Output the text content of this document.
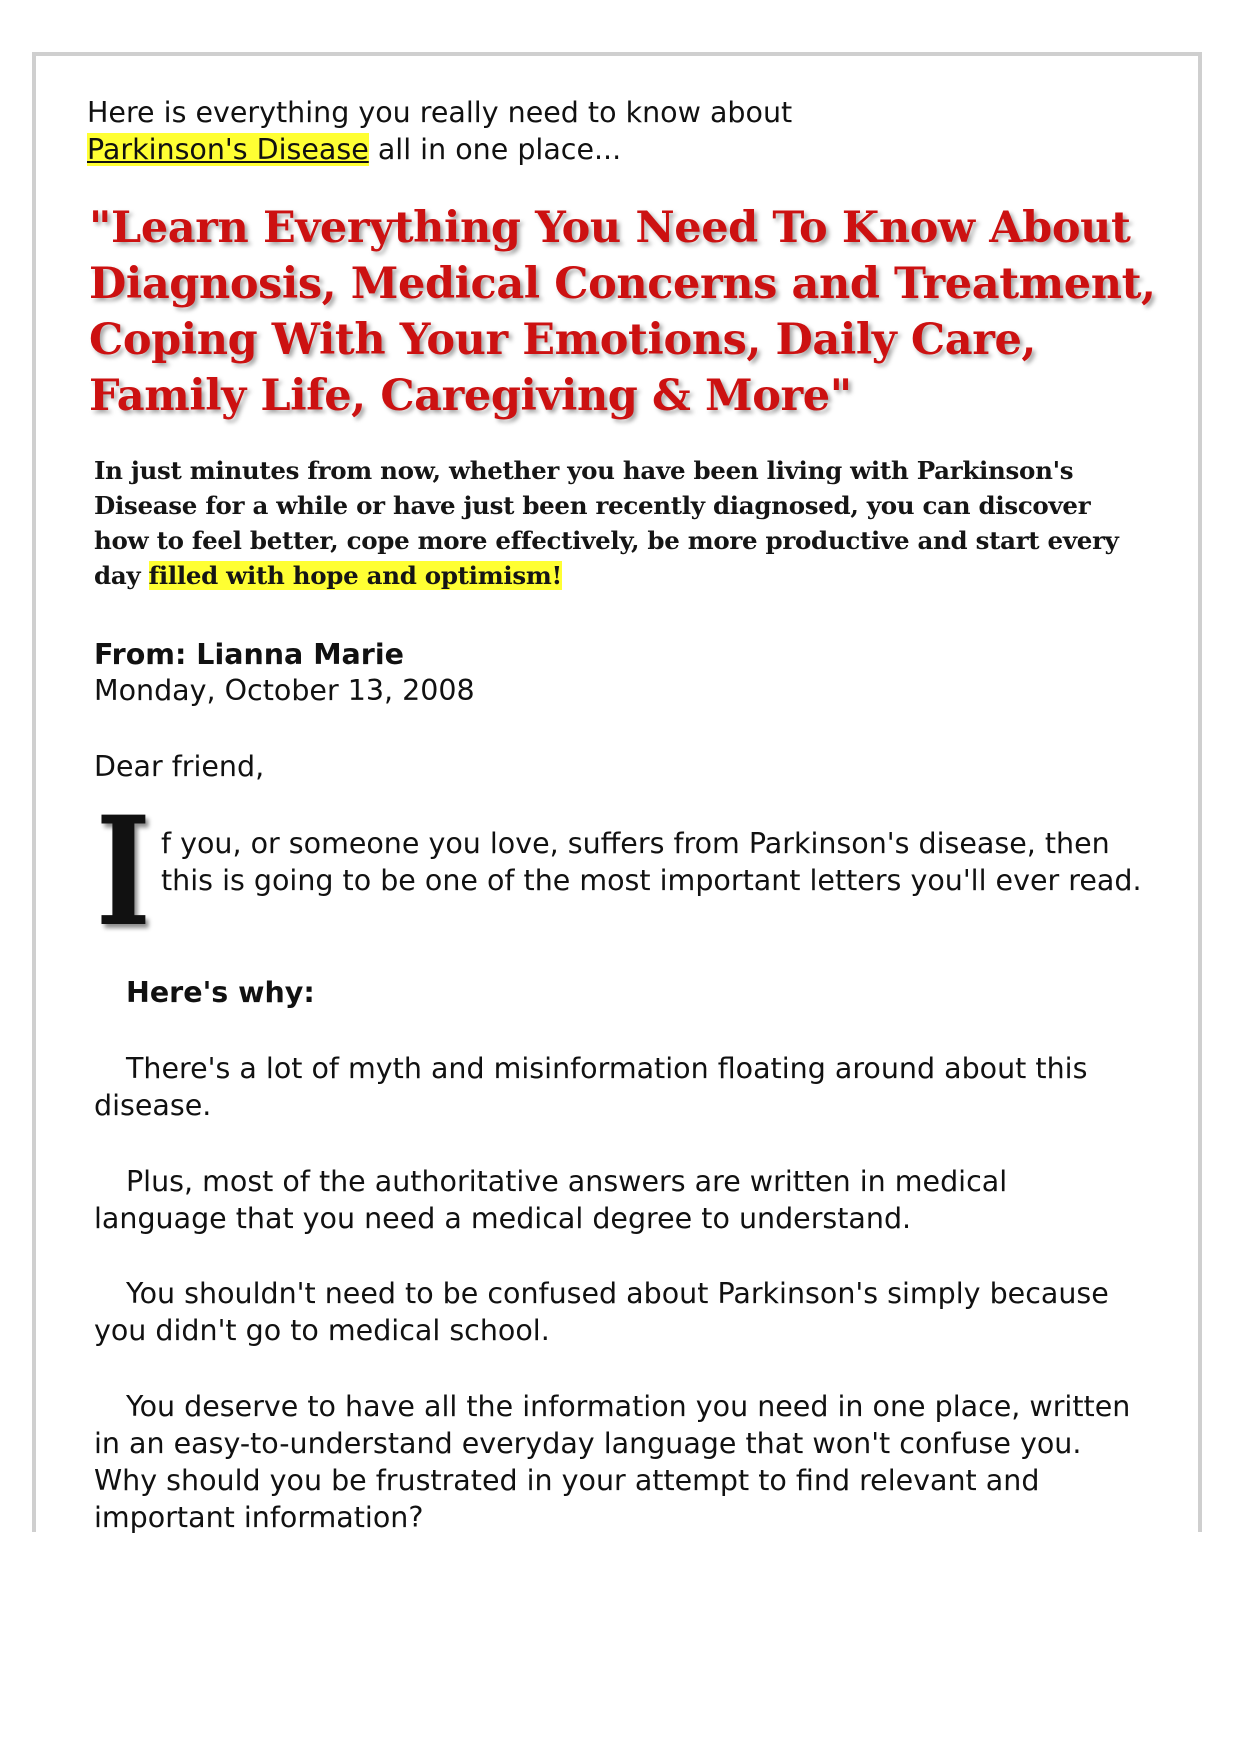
Here is everything you really need to know about
Parkinson's Disease all in one place...

"Learn Everything You Need To Know About Diagnosis, Medical Concerns and Treatment, Coping With Your Emotions, Daily Care, Family Life, Caregiving & More"

In just minutes from now, whether you have been living with Parkinson's Disease for a while or have just been recently diagnosed, you can discover how to feel better, cope more effectively, be more productive and start every day filled with hope and optimism!

From: Lianna Marie

Monday, October 13, 2008

Dear friend,

I f you, or someone you love, suffers from Parkinson's disease, then this is going to be one of the most important letters you'll ever read.

Here's why:

There's a lot of myth and misinformation floating around about this disease.

Plus, most of the authoritative answers are written in medical language that you need a medical degree to understand.

You shouldn't need to be confused about Parkinson's simply because you didn't go to medical school.

You deserve to have all the information you need in one place, written in an easy-to-understand everyday language that won't confuse you. Why should you be frustrated in your attempt to find relevant and important information?
